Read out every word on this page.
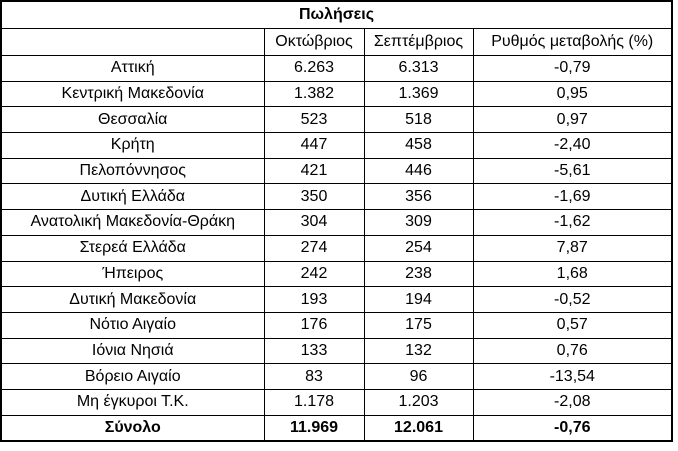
Πωλήσεις			
	Οκτώβριος	Σεπτέμβριος	Ρυθμός μεταβολής (%)
Αττική	6.263	6.313	-0,79
Κεντρική Μακεδονία	1.382	1.369	0,95
Θεσσαλία	523	518	0,97
Κρήτη	447	458	-2,40
Πελοπόννησος	421	446	-5,61
Δυτική Ελλάδα	350	356	-1,69
Ανατολική Μακεδονία-Θράκη	304	309	-1,62
Στερεά Ελλάδα	274	254	7,87
Ήπειρος	242	238	1,68
Δυτική Μακεδονία	193	194	-0,52
Νότιο Αιγαίο	176	175	0,57
Ιόνια Νησιά	133	132	0,76
Βόρειο Αιγαίο	83	96	-13,54
Μη έγκυροι Τ.Κ.	1.178	1.203	-2,08
Σύνολο	11.969	12.061	-0,76
